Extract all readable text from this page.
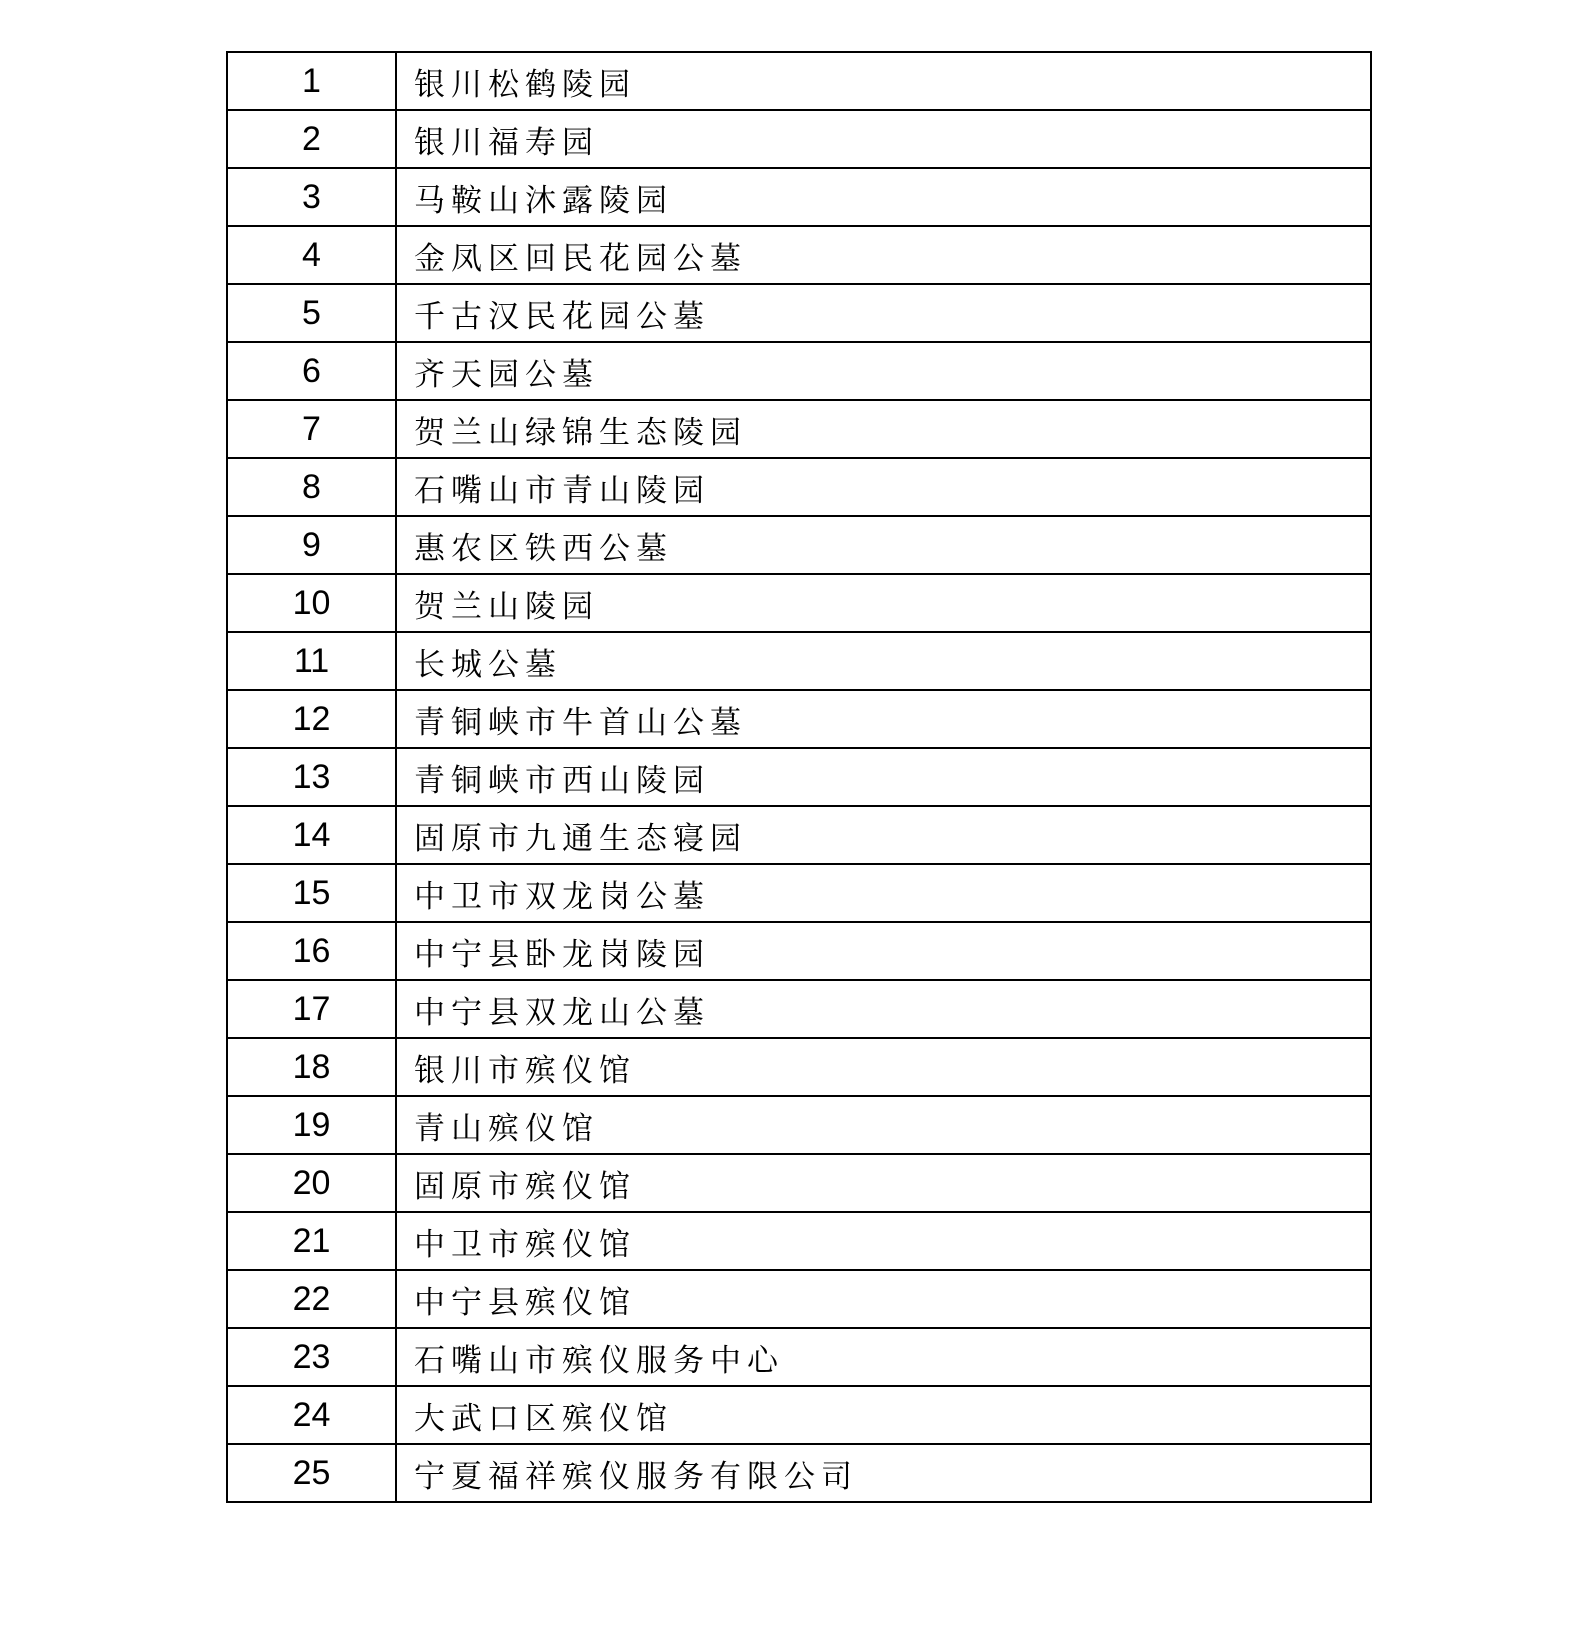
1	银川松鹤陵园
2	银川福寿园
3	马鞍山沐露陵园
4	金凤区回民花园公墓
5	千古汉民花园公墓
6	齐天园公墓
7	贺兰山绿锦生态陵园
8	石嘴山市青山陵园
9	惠农区铁西公墓
10	贺兰山陵园
11	长城公墓
12	青铜峡市牛首山公墓
13	青铜峡市西山陵园
14	固原市九通生态寝园
15	中卫市双龙岗公墓
16	中宁县卧龙岗陵园
17	中宁县双龙山公墓
18	银川市殡仪馆
19	青山殡仪馆
20	固原市殡仪馆
21	中卫市殡仪馆
22	中宁县殡仪馆
23	石嘴山市殡仪服务中心
24	大武口区殡仪馆
25	宁夏福祥殡仪服务有限公司
